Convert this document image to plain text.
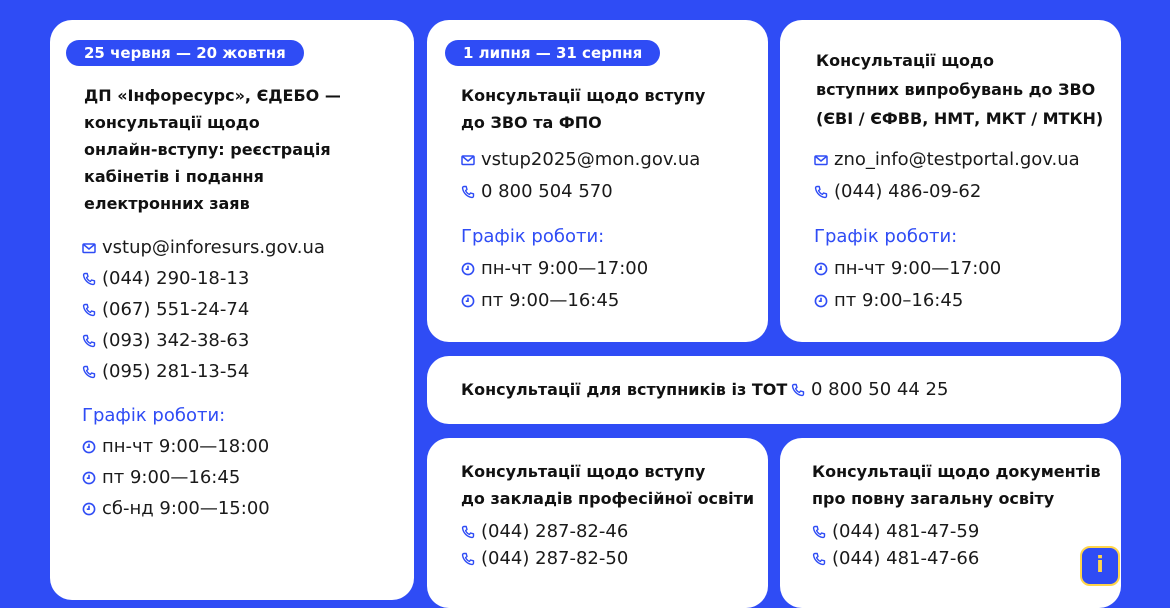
25 червня — 20 жовтня
ДП «Інфоресурс», ЄДЕБО —
консультації щодо
онлайн-вступу: реєстрація
кабінетів і подання
електронних заяв
vstup@inforesurs.gov.ua
(044) 290-18-13
(067) 551-24-74
(093) 342-38-63
(095) 281-13-54
Графік роботи:
пн-чт 9:00—18:00
пт 9:00—16:45
сб-нд 9:00—15:00
1 липня — 31 серпня
Консультації щодо вступу
до ЗВО та ФПО
vstup2025@mon.gov.ua
0 800 504 570
Графік роботи:
пн-чт 9:00—17:00
пт 9:00—16:45
Консультації щодо
вступних випробувань до ЗВО
(ЄВІ / ЄФВВ, НМТ, МКТ / МТКН)
zno_info@testportal.gov.ua
(044) 486-09-62
Графік роботи:
пн-чт 9:00—17:00
пт 9:00–16:45
Консультації для вступників із ТОТ 0 800 50 44 25
Консультації щодо вступу
до закладів професійної освіти
(044) 287-82-46
(044) 287-82-50
Консультації щодо документів
про повну загальну освіту
(044) 481-47-59
(044) 481-47-66	i
